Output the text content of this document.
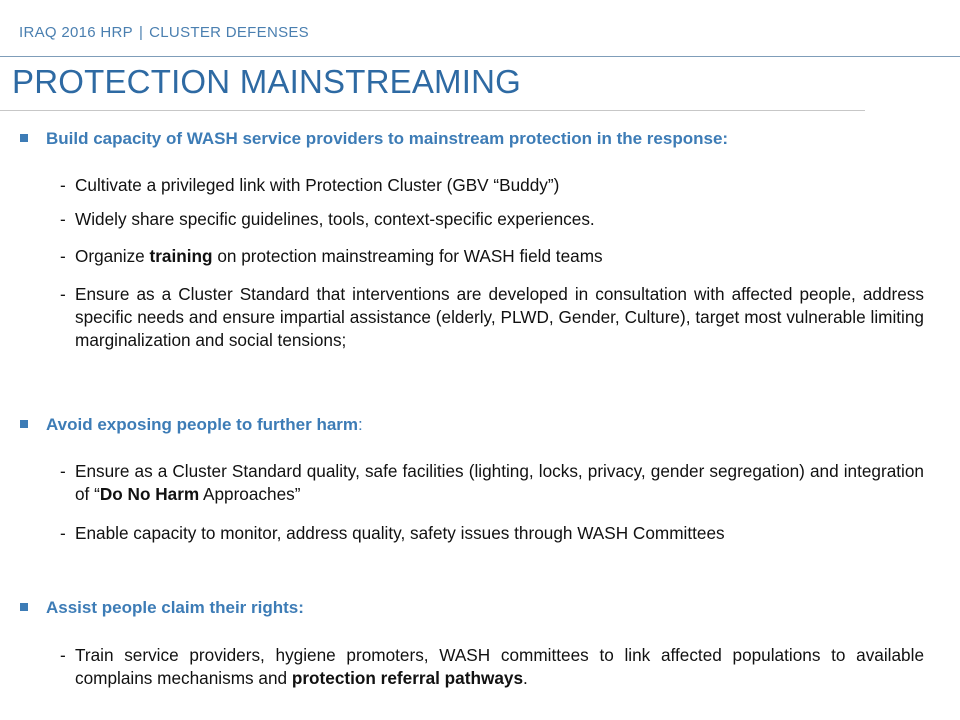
IRAQ 2016 HRP | CLUSTER DEFENSES
PROTECTION MAINSTREAMING
Build capacity of WASH service providers to mainstream protection in the response:
- Cultivate a privileged link with Protection Cluster (GBV “Buddy”)
- Widely share specific guidelines, tools, context-specific experiences.
- Organize training on protection mainstreaming for WASH field teams
- Ensure as a Cluster Standard that interventions are developed in consultation with affected people, address specific needs and ensure impartial assistance (elderly, PLWD, Gender, Culture), target most vulnerable limiting marginalization and social tensions;
Avoid exposing people to further harm:
- Ensure as a Cluster Standard quality, safe facilities (lighting, locks, privacy, gender segregation) and integration of “Do No Harm Approaches”
- Enable capacity to monitor, address quality, safety issues through WASH Committees
Assist people claim their rights:
- Train service providers, hygiene promoters, WASH committees to link affected populations to available complains mechanisms and protection referral pathways.
